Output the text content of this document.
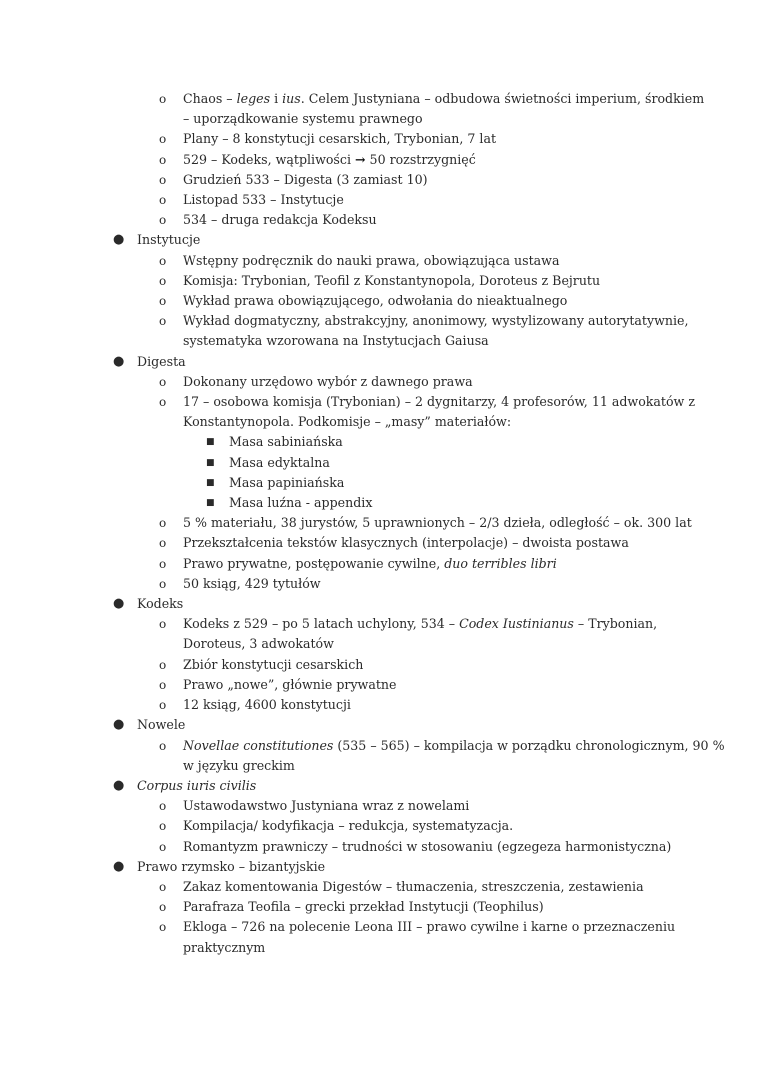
o Chaos – leges i ius. Celem Justyniana – odbudowa świetności imperium, środkiem
– uporządkowanie systemu prawnego
o Plany – 8 konstytucji cesarskich, Trybonian, 7 lat
o 529 – Kodeks, wątpliwości → 50 rozstrzygnięć
o Grudzień 533 – Digesta (3 zamiast 10)
o Listopad 533 – Instytucje
o 534 – druga redakcja Kodeksu
● Instytucje
o Wstępny podręcznik do nauki prawa, obowiązująca ustawa
o Komisja: Trybonian, Teofil z Konstantynopola, Doroteus z Bejrutu
o Wykład prawa obowiązującego, odwołania do nieaktualnego
o Wykład dogmatyczny, abstrakcyjny, anonimowy, wystylizowany autorytatywnie,
systematyka wzorowana na Instytucjach Gaiusa
● Digesta
o Dokonany urzędowo wybór z dawnego prawa
o 17 – osobowa komisja (Trybonian) – 2 dygnitarzy, 4 profesorów, 11 adwokatów z
Konstantynopola. Podkomisje – „masy” materiałów:
■ Masa sabiniańska
■ Masa edyktalna
■ Masa papiniańska
■ Masa luźna - appendix
o 5 % materiału, 38 jurystów, 5 uprawnionych – 2/3 dzieła, odległość – ok. 300 lat
o Przekształcenia tekstów klasycznych (interpolacje) – dwoista postawa
o Prawo prywatne, postępowanie cywilne, duo terribles libri
o 50 ksiąg, 429 tytułów
● Kodeks
o Kodeks z 529 – po 5 latach uchylony, 534 – Codex Iustinianus – Trybonian,
Doroteus, 3 adwokatów
o Zbiór konstytucji cesarskich
o Prawo „nowe”, głównie prywatne
o 12 ksiąg, 4600 konstytucji
● Nowele
o Novellae constitutiones (535 – 565) – kompilacja w porządku chronologicznym, 90 %
w języku greckim
● Corpus iuris civilis
o Ustawodawstwo Justyniana wraz z nowelami
o Kompilacja/ kodyfikacja – redukcja, systematyzacja.
o Romantyzm prawniczy – trudności w stosowaniu (egzegeza harmonistyczna)
● Prawo rzymsko – bizantyjskie
o Zakaz komentowania Digestów – tłumaczenia, streszczenia, zestawienia
o Parafraza Teofila – grecki przekład Instytucji (Teophilus)
o Ekloga – 726 na polecenie Leona III – prawo cywilne i karne o przeznaczeniu
praktycznym
